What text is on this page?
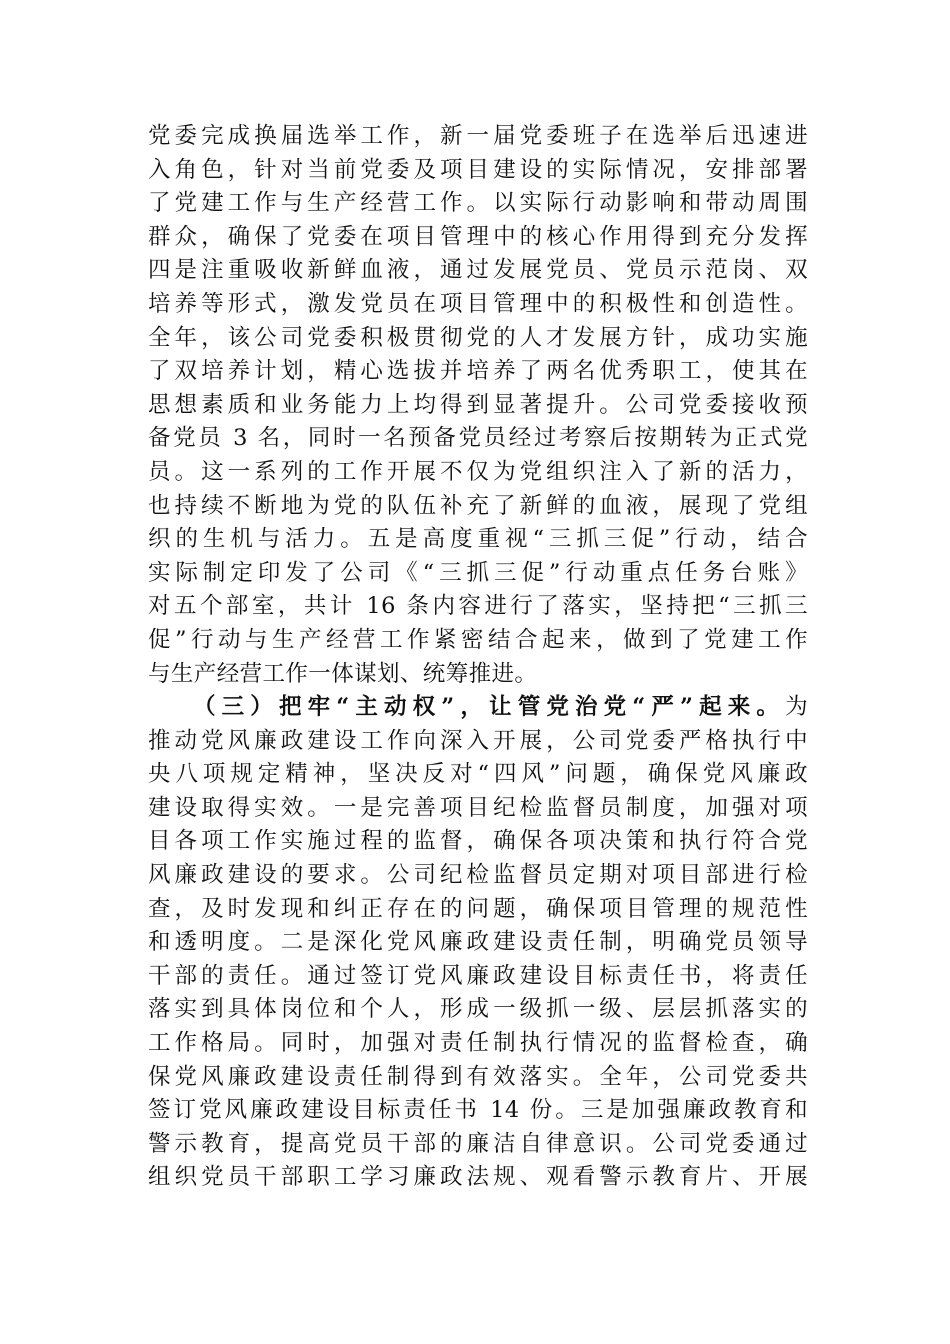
党委完成换届选举工作，新一届党委班子在选举后迅速进
入角色，针对当前党委及项目建设的实际情况，安排部署
了党建工作与生产经营工作。以实际行动影响和带动周围
群众，确保了党委在项目管理中的核心作用得到充分发挥
四是注重吸收新鲜血液，通过发展党员、党员示范岗、双
培养等形式，激发党员在项目管理中的积极性和创造性。
全年，该公司党委积极贯彻党的人才发展方针，成功实施
了双培养计划，精心选拔并培养了两名优秀职工，使其在
思想素质和业务能力上均得到显著提升。公司党委接收预
备党员 3 名，同时一名预备党员经过考察后按期转为正式党
员。这一系列的工作开展不仅为党组织注入了新的活力，
也持续不断地为党的队伍补充了新鲜的血液，展现了党组
织的生机与活力。五是高度重视“三抓三促”行动，结合
实际制定印发了公司《“三抓三促”行动重点任务台账》
对五个部室，共计 16 条内容进行了落实，坚持把“三抓三
促”行动与生产经营工作紧密结合起来，做到了党建工作
与生产经营工作一体谋划、统筹推进。
（三）把牢“主动权”，让管党治党“严”起来。为
推动党风廉政建设工作向深入开展，公司党委严格执行中
央八项规定精神，坚决反对“四风”问题，确保党风廉政
建设取得实效。一是完善项目纪检监督员制度，加强对项
目各项工作实施过程的监督，确保各项决策和执行符合党
风廉政建设的要求。公司纪检监督员定期对项目部进行检
查，及时发现和纠正存在的问题，确保项目管理的规范性
和透明度。二是深化党风廉政建设责任制，明确党员领导
干部的责任。通过签订党风廉政建设目标责任书，将责任
落实到具体岗位和个人，形成一级抓一级、层层抓落实的
工作格局。同时，加强对责任制执行情况的监督检查，确
保党风廉政建设责任制得到有效落实。全年，公司党委共
签订党风廉政建设目标责任书 14 份。三是加强廉政教育和
警示教育，提高党员干部的廉洁自律意识。公司党委通过
组织党员干部职工学习廉政法规、观看警示教育片、开展
